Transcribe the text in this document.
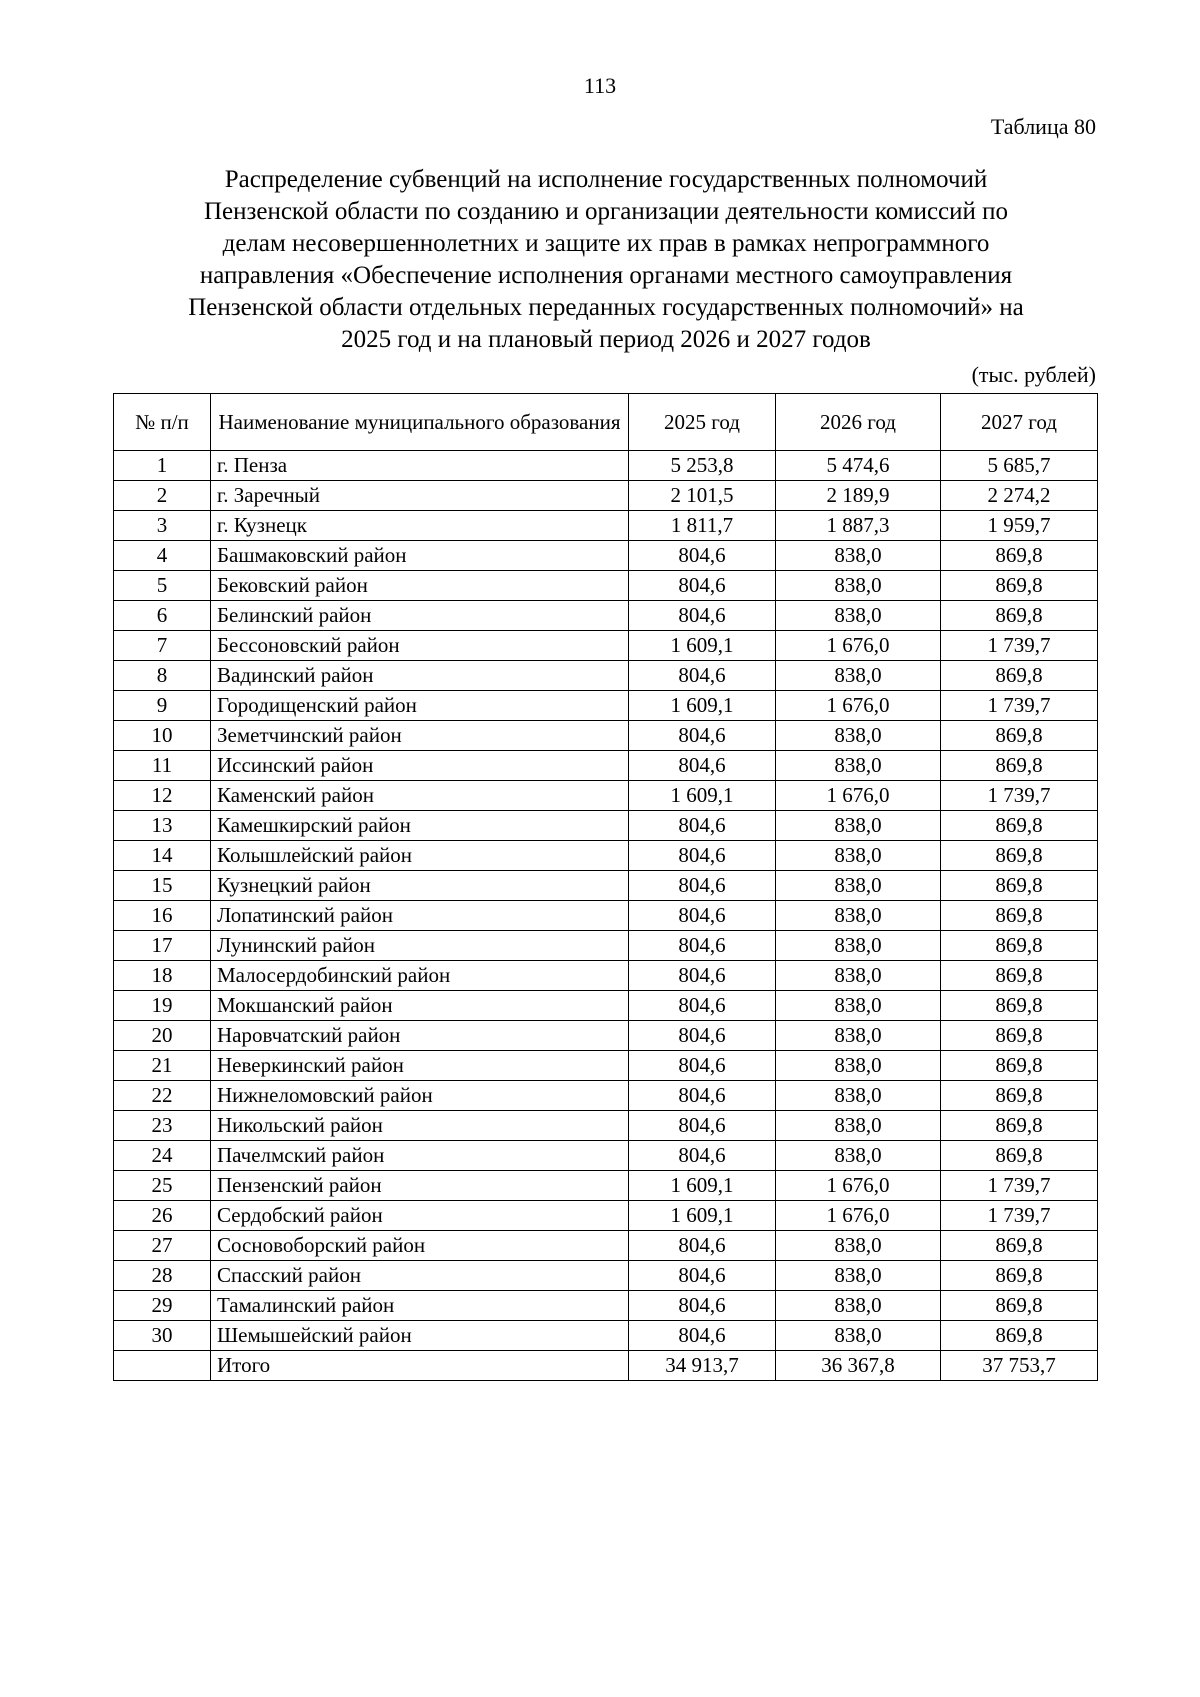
113
Таблица 80
Распределение субвенций на исполнение государственных полномочий
Пензенской области по созданию и организации деятельности комиссий по
делам несовершеннолетних и защите их прав в рамках непрограммного
направления «Обеспечение исполнения органами местного самоуправления
Пензенской области отдельных переданных государственных полномочий» на
2025 год и на плановый период 2026 и 2027 годов
(тыс. рублей)
№ п/п	Наименование муниципального образования	2025 год	2026 год	2027 год
1	г. Пенза	5 253,8	5 474,6	5 685,7
2	г. Заречный	2 101,5	2 189,9	2 274,2
3	г. Кузнецк	1 811,7	1 887,3	1 959,7
4	Башмаковский район	804,6	838,0	869,8
5	Бековский район	804,6	838,0	869,8
6	Белинский район	804,6	838,0	869,8
7	Бессоновский район	1 609,1	1 676,0	1 739,7
8	Вадинский район	804,6	838,0	869,8
9	Городищенский район	1 609,1	1 676,0	1 739,7
10	Земетчинский район	804,6	838,0	869,8
11	Иссинский район	804,6	838,0	869,8
12	Каменский район	1 609,1	1 676,0	1 739,7
13	Камешкирский район	804,6	838,0	869,8
14	Колышлейский район	804,6	838,0	869,8
15	Кузнецкий район	804,6	838,0	869,8
16	Лопатинский район	804,6	838,0	869,8
17	Лунинский район	804,6	838,0	869,8
18	Малосердобинский район	804,6	838,0	869,8
19	Мокшанский район	804,6	838,0	869,8
20	Наровчатский район	804,6	838,0	869,8
21	Неверкинский район	804,6	838,0	869,8
22	Нижнеломовский район	804,6	838,0	869,8
23	Никольский район	804,6	838,0	869,8
24	Пачелмский район	804,6	838,0	869,8
25	Пензенский район	1 609,1	1 676,0	1 739,7
26	Сердобский район	1 609,1	1 676,0	1 739,7
27	Сосновоборский район	804,6	838,0	869,8
28	Спасский район	804,6	838,0	869,8
29	Тамалинский район	804,6	838,0	869,8
30	Шемышейский район	804,6	838,0	869,8
	Итого	34 913,7	36 367,8	37 753,7
